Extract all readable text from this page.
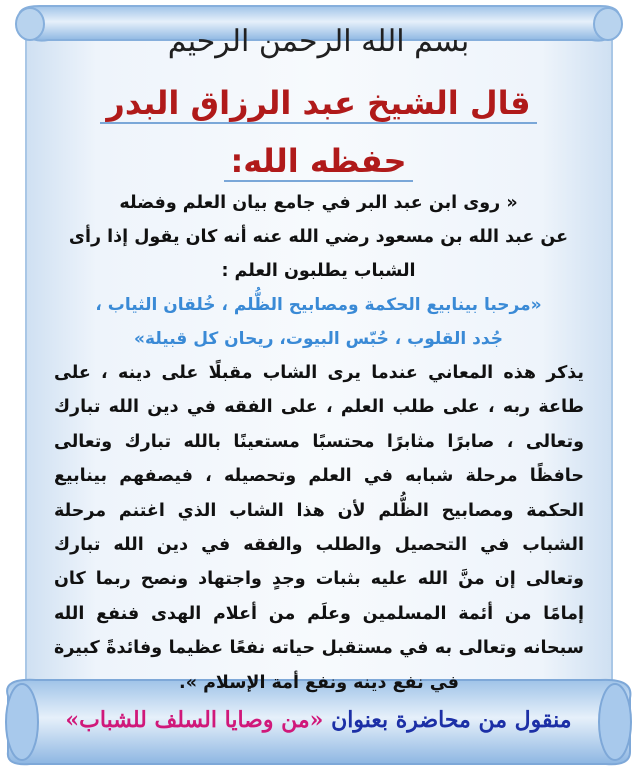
بسم الله الرحمن الرحيم
قال الشيخ عبد الرزاق البدر
حفظه الله:
« روى ابن عبد البر في جامع بيان العلم وفضله
عن عبد الله بن مسعود رضي الله عنه أنه كان يقول إذا رأى
الشباب يطلبون العلم :
«مرحبا بينابيع الحكمة ومصابيح الظُّلم ، خُلقان الثياب ،
جُدد القلوب ، حُبّس البيوت، ريحان كل قبيلة»
يذكر هذه المعاني عندما يرى الشاب مقبلًا على دينه ، على طاعة ربه ، على طلب العلم ، على الفقه في دين الله تبارك وتعالى ، صابرًا مثابرًا محتسبًا مستعينًا بالله تبارك وتعالى حافظًا مرحلة شبابه في العلم وتحصيله ، فيصفهم بينابيع الحكمة ومصابيح الظُّلم لأن هذا الشاب الذي اغتنم مرحلة الشباب في التحصيل والطلب والفقه في دين الله تبارك وتعالى إن منَّ الله عليه بثبات وجدٍ واجتهاد ونصح ربما كان إمامًا من أئمة المسلمين وعلَم من أعلام الهدى فنفع الله سبحانه وتعالى به في مستقبل حياته نفعًا عظيما وفائدةً كبيرة في نفع دينه ونفع أمة الإسلام ».
منقول من محاضرة بعنوان «من وصايا السلف للشباب»
